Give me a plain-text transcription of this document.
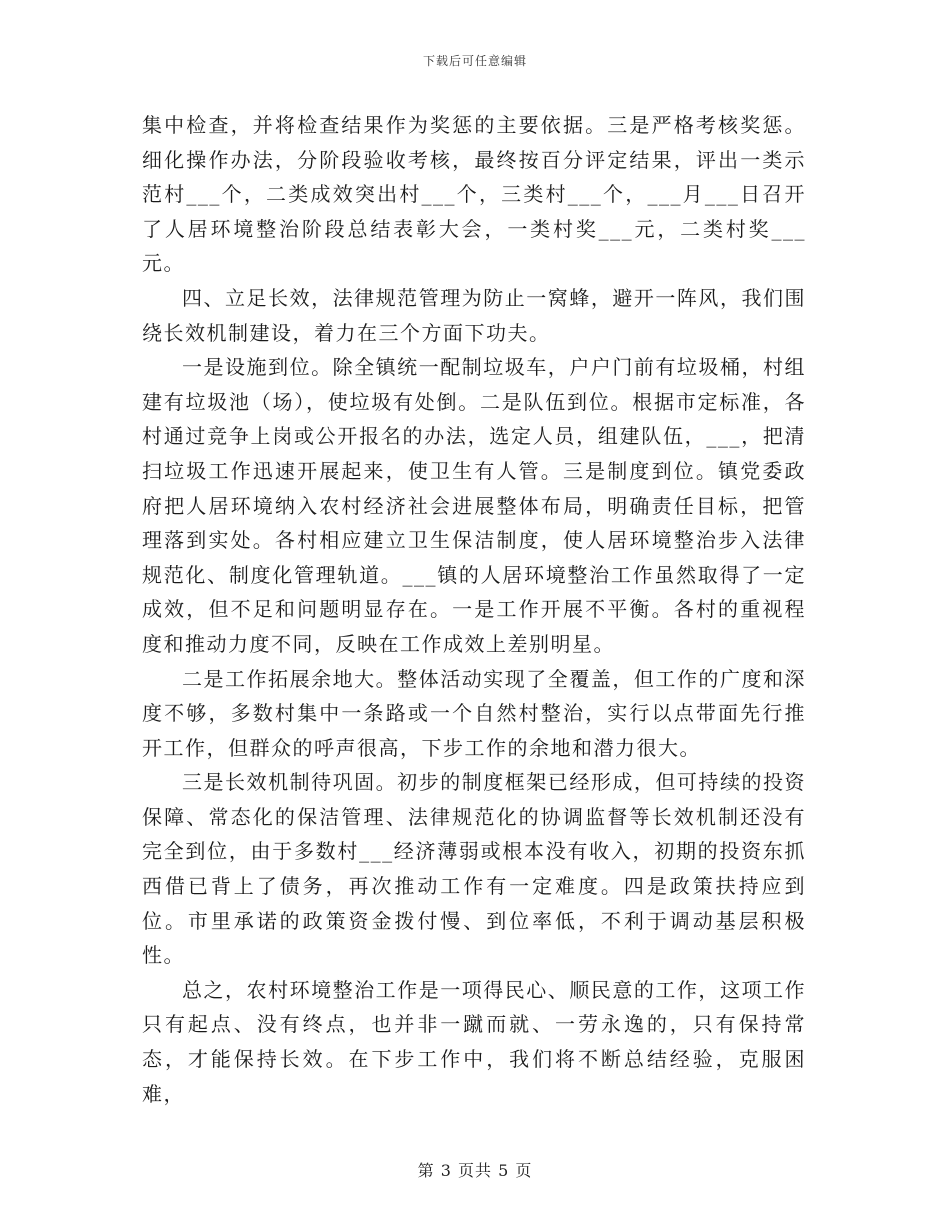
下载后可任意编辑

集中检查，并将检查结果作为奖惩的主要依据。三是严格考核奖惩。细化操作办法，分阶段验收考核，最终按百分评定结果，评出一类示范村___个，二类成效突出村___个，三类村___个，___月___日召开了人居环境整治阶段总结表彰大会，一类村奖___元，二类村奖___元。

四、立足长效，法律规范管理为防止一窝蜂，避开一阵风，我们围绕长效机制建设，着力在三个方面下功夫。

一是设施到位。除全镇统一配制垃圾车，户户门前有垃圾桶，村组建有垃圾池（场），使垃圾有处倒。二是队伍到位。根据市定标准，各村通过竞争上岗或公开报名的办法，选定人员，组建队伍，___，把清扫垃圾工作迅速开展起来，使卫生有人管。三是制度到位。镇党委政府把人居环境纳入农村经济社会进展整体布局，明确责任目标，把管理落到实处。各村相应建立卫生保洁制度，使人居环境整治步入法律规范化、制度化管理轨道。___镇的人居环境整治工作虽然取得了一定成效，但不足和问题明显存在。一是工作开展不平衡。各村的重视程度和推动力度不同，反映在工作成效上差别明星。

二是工作拓展余地大。整体活动实现了全覆盖，但工作的广度和深度不够，多数村集中一条路或一个自然村整治，实行以点带面先行推开工作，但群众的呼声很高，下步工作的余地和潜力很大。

三是长效机制待巩固。初步的制度框架已经形成，但可持续的投资保障、常态化的保洁管理、法律规范化的协调监督等长效机制还没有完全到位，由于多数村___经济薄弱或根本没有收入，初期的投资东抓西借已背上了债务，再次推动工作有一定难度。四是政策扶持应到位。市里承诺的政策资金拨付慢、到位率低，不利于调动基层积极性。

总之，农村环境整治工作是一项得民心、顺民意的工作，这项工作只有起点、没有终点，也并非一蹴而就、一劳永逸的，只有保持常态，才能保持长效。在下步工作中，我们将不断总结经验，克服困难，

第 3 页共 5 页
